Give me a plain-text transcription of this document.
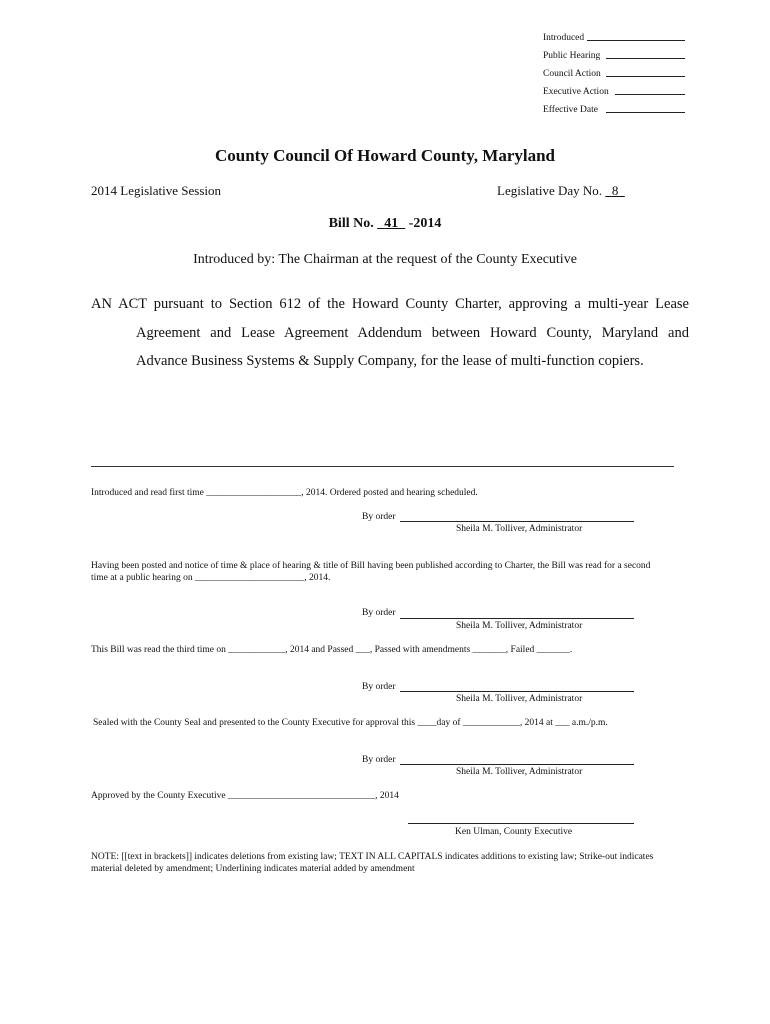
Introduced
Public Hearing
Council Action
Executive Action
Effective Date
County Council Of Howard County, Maryland
2014 Legislative Session	Legislative Day No. 8
Bill No. 41 -2014
Introduced by: The Chairman at the request of the County Executive
AN ACT pursuant to Section 612 of the Howard County Charter, approving a multi-year Lease
Agreement and Lease Agreement Addendum between Howard County, Maryland and
Advance Business Systems & Supply Company, for the lease of multi-function copiers.
Introduced and read first time ____________________, 2014. Ordered posted and hearing scheduled.
By order
Sheila M. Tolliver, Administrator
Having been posted and notice of time & place of hearing & title of Bill having been published according to Charter, the Bill was read for a second
time at a public hearing on _______________________, 2014.
By order
Sheila M. Tolliver, Administrator
This Bill was read the third time on ____________, 2014 and Passed ___, Passed with amendments _______, Failed _______.
By order
Sheila M. Tolliver, Administrator
Sealed with the County Seal and presented to the County Executive for approval this ____day of ____________, 2014 at ___ a.m./p.m.
By order
Sheila M. Tolliver, Administrator
Approved by the County Executive _______________________________, 2014
Ken Ulman, County Executive
NOTE: [[text in brackets]] indicates deletions from existing law; TEXT IN ALL CAPITALS indicates additions to existing law; Strike-out indicates material deleted by amendment; Underlining indicates material added by amendment
